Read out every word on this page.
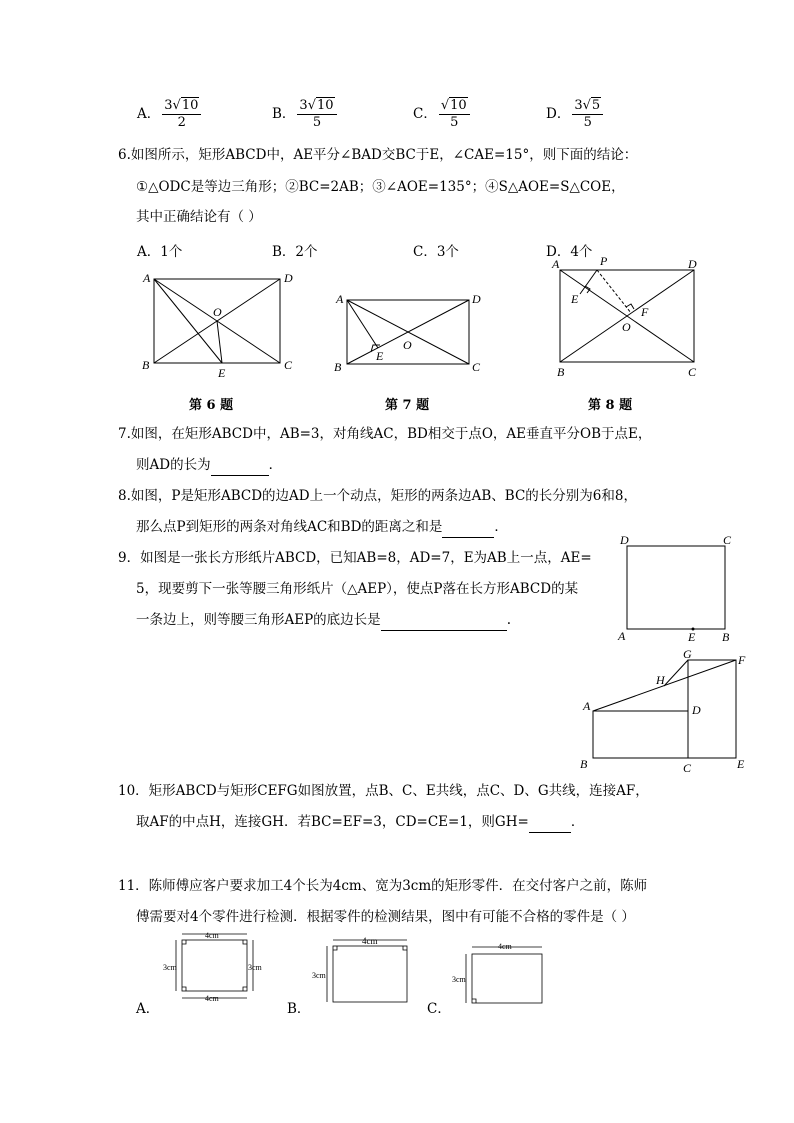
A． $\frac{3√10}{2}$	B． $\frac{3√10}{5}$	C． $\frac{√10}{5}$	D． $\frac{3√5}{5}$
6.如图所示，矩形ABCD中，AE平分∠BAD交BC于E，∠CAE=15°，则下面的结论：
①△ODC是等边三角形；②BC=2AB；③∠AOE=135°；④S△AOE=S△COE，
其中正确结论有（ ）
A．1个	B．2个	C．3个	D．4个
A	D
B	C
O
E
第 6 题
A	D
B	C
O
E
第 7 题
A	P	D
E
F
O
B	C
第 8 题
7.如图，在矩形ABCD中，AB=3，对角线AC，BD相交于点O，AE垂直平分OB于点E，
则AD的长为	．
8.如图，P是矩形ABCD的边AD上一个动点，矩形的两条边AB、BC的长分别为6和8，
那么点P到矩形的两条对角线AC和BD的距离之和是	．
9．如图是一张长方形纸片ABCD，已知AB=8，AD=7，E为AB上一点，AE=
5，现要剪下一张等腰三角形纸片（△AEP），使点P落在长方形ABCD的某
一条边上，则等腰三角形AEP的底边长是	.
D	C
A	E B
A
G	F
H
D
B	C	E
10．矩形ABCD与矩形CEFG如图放置，点B、C、E共线，点C、D、G共线，连接AF，
取AF的中点H，连接GH．若BC=EF=3，CD=CE=1，则GH=	．
11．陈师傅应客户要求加工4个长为4cm、宽为3cm的矩形零件．在交付客户之前，陈师
傅需要对4个零件进行检测．根据零件的检测结果，图中有可能不合格的零件是（ ）
4cm
4cm
3cm	3cm
A．
4cm
3cm
B．
4cm
3cm
C．
